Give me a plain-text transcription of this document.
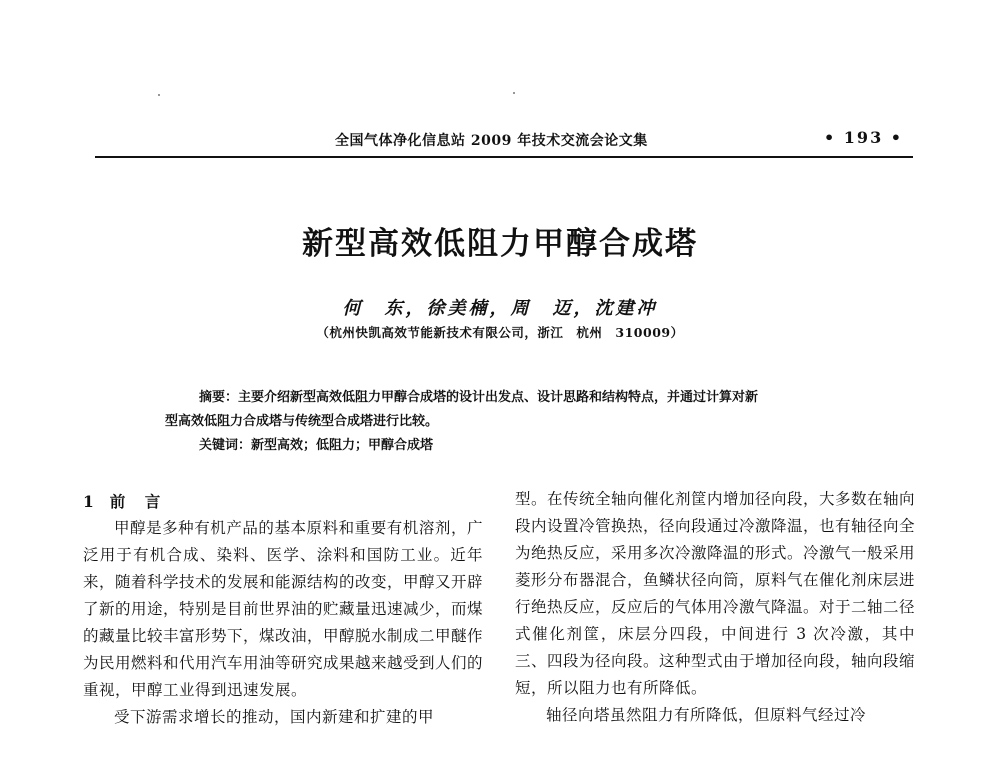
全国气体净化信息站 2009 年技术交流会论文集	• 193 •
新型高效低阻力甲醇合成塔
何　东，徐美楠，周　迈，沈建冲
（杭州快凯高效节能新技术有限公司，浙江　杭州　310009）
摘要：主要介绍新型高效低阻力甲醇合成塔的设计出发点、设计思路和结构特点，并通过计算对新
型高效低阻力合成塔与传统型合成塔进行比较。
关键词：新型高效；低阻力；甲醇合成塔
1 前　言

甲醇是多种有机产品的基本原料和重要有机溶剂，广泛用于有机合成、染料、医学、涂料和国防工业。近年来，随着科学技术的发展和能源结构的改变，甲醇又开辟了新的用途，特别是目前世界油的贮藏量迅速减少，而煤的藏量比较丰富形势下，煤改油，甲醇脱水制成二甲醚作为民用燃料和代用汽车用油等研究成果越来越受到人们的重视，甲醇工业得到迅速发展。

受下游需求增长的推动，国内新建和扩建的甲

型。在传统全轴向催化剂筐内增加径向段，大多数在轴向段内设置冷管换热，径向段通过冷激降温，也有轴径向全为绝热反应，采用多次冷激降温的形式。冷激气一般采用菱形分布器混合，鱼鳞状径向筒，原料气在催化剂床层进行绝热反应，反应后的气体用冷激气降温。对于二轴二径式催化剂筐，床层分四段，中间进行 3 次冷激，其中三、四段为径向段。这种型式由于增加径向段，轴向段缩短，所以阻力也有所降低。

轴径向塔虽然阻力有所降低，但原料气经过冷
